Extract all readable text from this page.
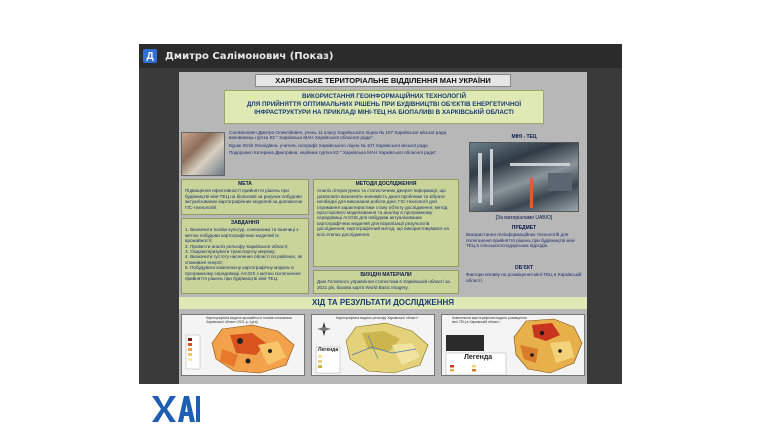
Д	Дмитро Салімонович (Показ)
ХАРКІВСЬКЕ ТЕРИТОРІАЛЬНЕ ВІДДІЛЕННЯ МАН УКРАЇНИ
ВИКОРИСТАННЯ ГЕОІНФОРМАЦІЙНИХ ТЕХНОЛОГІЙ
ДЛЯ ПРИЙНЯТТЯ ОПТИМАЛЬНИХ РІШЕНЬ ПРИ БУДІВНИЦТВІ ОБ'ЄКТІВ ЕНЕРГЕТИЧНОЇ
ІНФРАСТРУКТУРИ НА ПРИКЛАДІ МІНІ-ТЕЦ НА БІОПАЛИВІ В ХАРКІВСЬКІЙ ОБЛАСТІ
Салімонович Дмитро Олексійович, учень 11 класу Харківського ліцею № 107 Харківської міської ради, вихованець гуртка КЗ " Харківська МАН Харківської обласної ради".
Бурак Юлія Леонідівна, учитель географії Харківського ліцею № 107 Харківської міської ради
Подорожко Катерина Дмитрівна, керівник гуртка КЗ " Харківська МАН Харківської обласної ради".
МІНІ - ТЕЦ
[За матеріалами UABIO]
МЕТА
Підвищення ефективності прийняття рішень при будівництві міні-ТЕЦ на біопаливі за рахунок побудови актуалізованих картографічних моделей за допомогою ГІС-технологій.
ЗАВДАННЯ
1. Визначити посіви культур, сонешника та пшениці з метою побудови картографічних моделей їх врожайності;
2. Провести аналіз рельєфу Харківської області;
3. Охарактеризувати транспортну мережу;
4. Визначити густоту населення області по районах, як споживачі енергії;
5. Побудувати комплексну картографічну модель в програмному середовищі ArcGIS з метою полегшення прийняття рішень при будівництві міні-ТЕЦ.
МЕТОДИ ДОСЛІДЖЕННЯ
Аналіз літературних та статистичних джерел інформації, що дозволило визначити значимість даної проблеми та зібрати необхідні для виконання роботи дані; ГІС-технології для отримання характеристики стану об'єкту дослідження; метод просторового моделювання та аналізу в програмному середовищі ArcGIS для побудови актуалізованих картографічних моделей для візуалізації результатів дослідження; картографічний метод, що використовувався на всіх етапах дослідження.
ВИХІДНІ МАТЕРІАЛИ
Дані Головного управління статистики в Харківській області за 2021 рік, базова карта World Basic Imagery.
ПРЕДМЕТ
Використання геоінформаційних технологій для полегшення прийняття рішень при будівництві міні-ТЕЦ в сільськогосподарських відходів.
ОБ'ЄКТ
Фактори впливу на розміщення міні-ТЕЦ в Харківській області.
ХІД ТА РЕЗУЛЬТАТИ ДОСЛІДЖЕННЯ
Картографічна модель врожайності посівів соняшника Харківської області 2021 р. (ц/га)
Картографічна модель рельєфу Харківської області
Легенда
Комплексна картографічна модель розміщення міні-ТЕЦ в Харківській області
Легенда
